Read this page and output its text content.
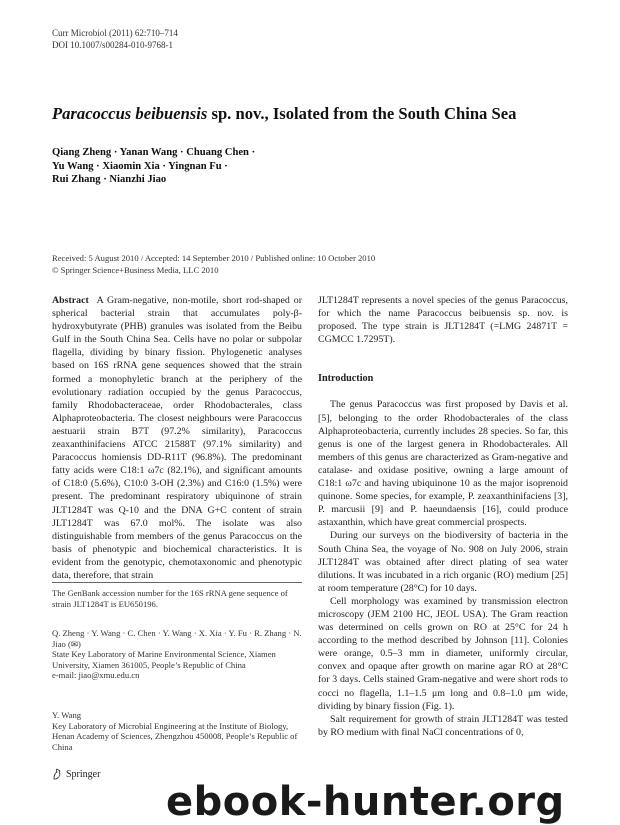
Curr Microbiol (2011) 62:710–714
DOI 10.1007/s00284-010-9768-1
Paracoccus beibuensis sp. nov., Isolated from the South China Sea
Qiang Zheng · Yanan Wang · Chuang Chen ·
Yu Wang · Xiaomin Xia · Yingnan Fu ·
Rui Zhang · Nianzhi Jiao
Received: 5 August 2010 / Accepted: 14 September 2010 / Published online: 10 October 2010
© Springer Science+Business Media, LLC 2010

Abstract A Gram-negative, non-motile, short rod-shaped or spherical bacterial strain that accumulates poly-β-hydroxybutyrate (PHB) granules was isolated from the Beibu Gulf in the South China Sea. Cells have no polar or subpolar flagella, dividing by binary fission. Phylogenetic analyses based on 16S rRNA gene sequences showed that the strain formed a monophyletic branch at the periphery of the evolutionary radiation occupied by the genus Paracoccus, family Rhodobacteraceae, order Rhodobacterales, class Alphaproteobacteria. The closest neighbours were Paracoccus aestuarii strain B7T (97.2% similarity), Paracoccus zeaxanthinifaciens ATCC 21588T (97.1% similarity) and Paracoccus homiensis DD-R11T (96.8%). The predominant fatty acids were C18:1 ω7c (82.1%), and significant amounts of C18:0 (5.6%), C10:0 3-OH (2.3%) and C16:0 (1.5%) were present. The predominant respiratory ubiquinone of strain JLT1284T was Q-10 and the DNA G+C content of strain JLT1284T was 67.0 mol%. The isolate was also distinguishable from members of the genus Paracoccus on the basis of phenotypic and biochemical characteristics. It is evident from the genotypic, chemotaxonomic and phenotypic data, therefore, that strain

JLT1284T represents a novel species of the genus Paracoccus, for which the name Paracoccus beibuensis sp. nov. is proposed. The type strain is JLT1284T (=LMG 24871T = CGMCC 1.7295T).

Introduction

The genus Paracoccus was first proposed by Davis et al. [5], belonging to the order Rhodobacterales of the class Alphaproteobacteria, currently includes 28 species. So far, this genus is one of the largest genera in Rhodobacterales. All members of this genus are characterized as Gram-negative and catalase- and oxidase positive, owning a large amount of C18:1 ω7c and having ubiquinone 10 as the major isoprenoid quinone. Some species, for example, P. zeaxanthinifaciens [3], P. marcusii [9] and P. haeundaensis [16], could produce astaxanthin, which have great commercial prospects.

During our surveys on the biodiversity of bacteria in the South China Sea, the voyage of No. 908 on July 2006, strain JLT1284T was obtained after direct plating of sea water dilutions. It was incubated in a rich organic (RO) medium [25] at room temperature (28°C) for 10 days.

Cell morphology was examined by transmission electron microscopy (JEM 2100 HC, JEOL USA). The Gram reaction was determined on cells grown on RO at 25°C for 24 h according to the method described by Johnson [11]. Colonies were orange, 0.5–3 mm in diameter, uniformly circular, convex and opaque after growth on marine agar RO at 28°C for 3 days. Cells stained Gram-negative and were short rods to cocci no flagella, 1.1–1.5 μm long and 0.8–1.0 μm wide, dividing by binary fission (Fig. 1).

Salt requirement for growth of strain JLT1284T was tested by RO medium with final NaCl concentrations of 0,

The GenBank accession number for the 16S rRNA gene sequence of strain JLT1284T is EU650196.
Q. Zheng · Y. Wang · C. Chen · Y. Wang · X. Xia · Y. Fu · R. Zhang · N. Jiao (✉)
State Key Laboratory of Marine Environmental Science, Xiamen University, Xiamen 361005, People’s Republic of China
e-mail: jiao@xmu.edu.cn
Y. Wang
Key Laboratory of Microbial Engineering at the Institute of Biology, Henan Academy of Sciences, Zhengzhou 450008, People’s Republic of China
Springer
ebook-hunter.org
